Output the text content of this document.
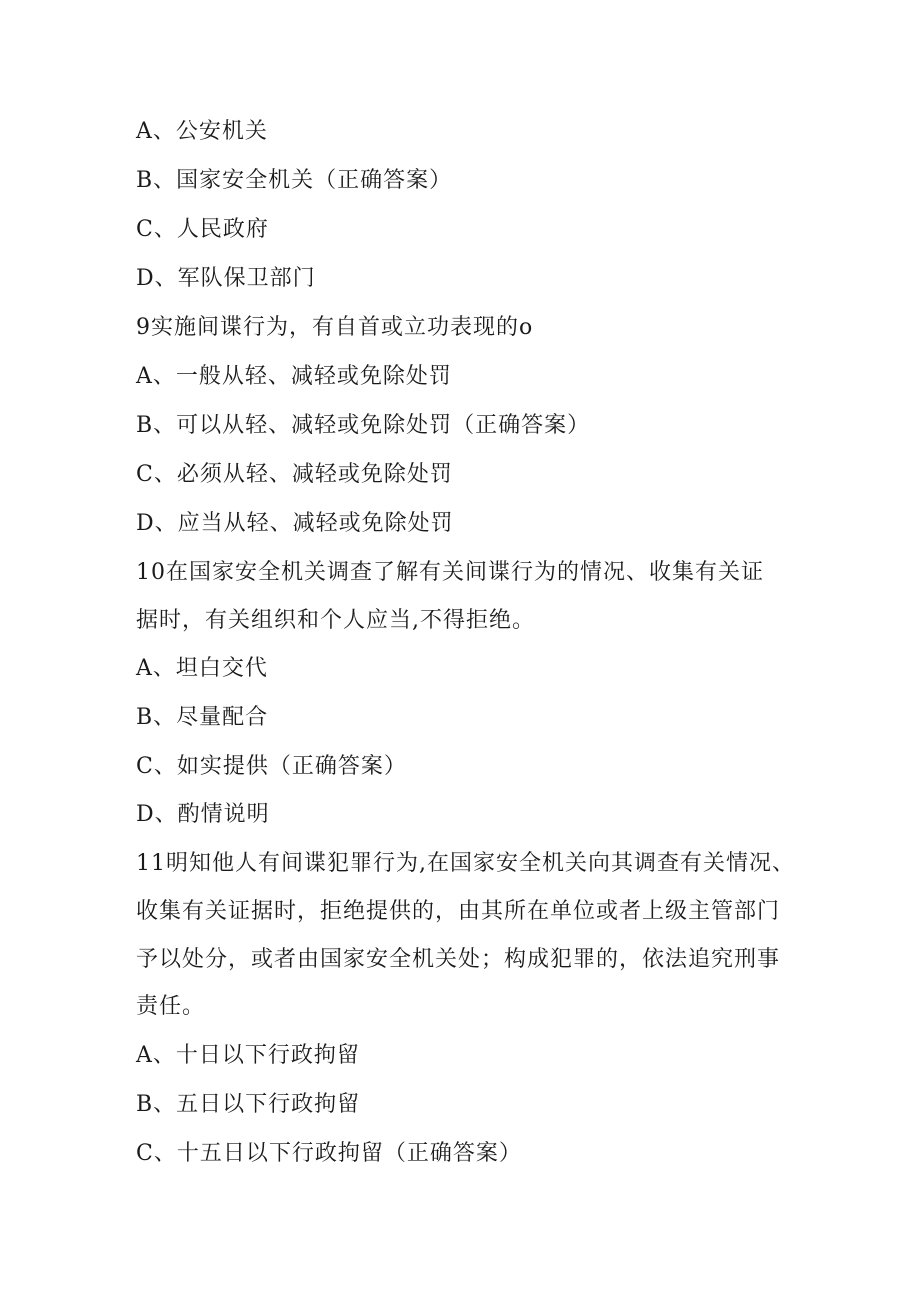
A、公安机关
B、国家安全机关（正确答案）
C、人民政府
D、军队保卫部门
9实施间谍行为，有自首或立功表现的o
A、一般从轻、减轻或免除处罚
B、可以从轻、减轻或免除处罚（正确答案）
C、必须从轻、减轻或免除处罚
D、应当从轻、减轻或免除处罚
10在国家安全机关调查了解有关间谍行为的情况、收集有关证
据时，有关组织和个人应当,不得拒绝。
A、坦白交代
B、尽量配合
C、如实提供（正确答案）
D、酌情说明
11明知他人有间谍犯罪行为,在国家安全机关向其调查有关情况、
收集有关证据时，拒绝提供的，由其所在单位或者上级主管部门
予以处分，或者由国家安全机关处；构成犯罪的，依法追究刑事
责任。
A、十日以下行政拘留
B、五日以下行政拘留
C、十五日以下行政拘留（正确答案）
